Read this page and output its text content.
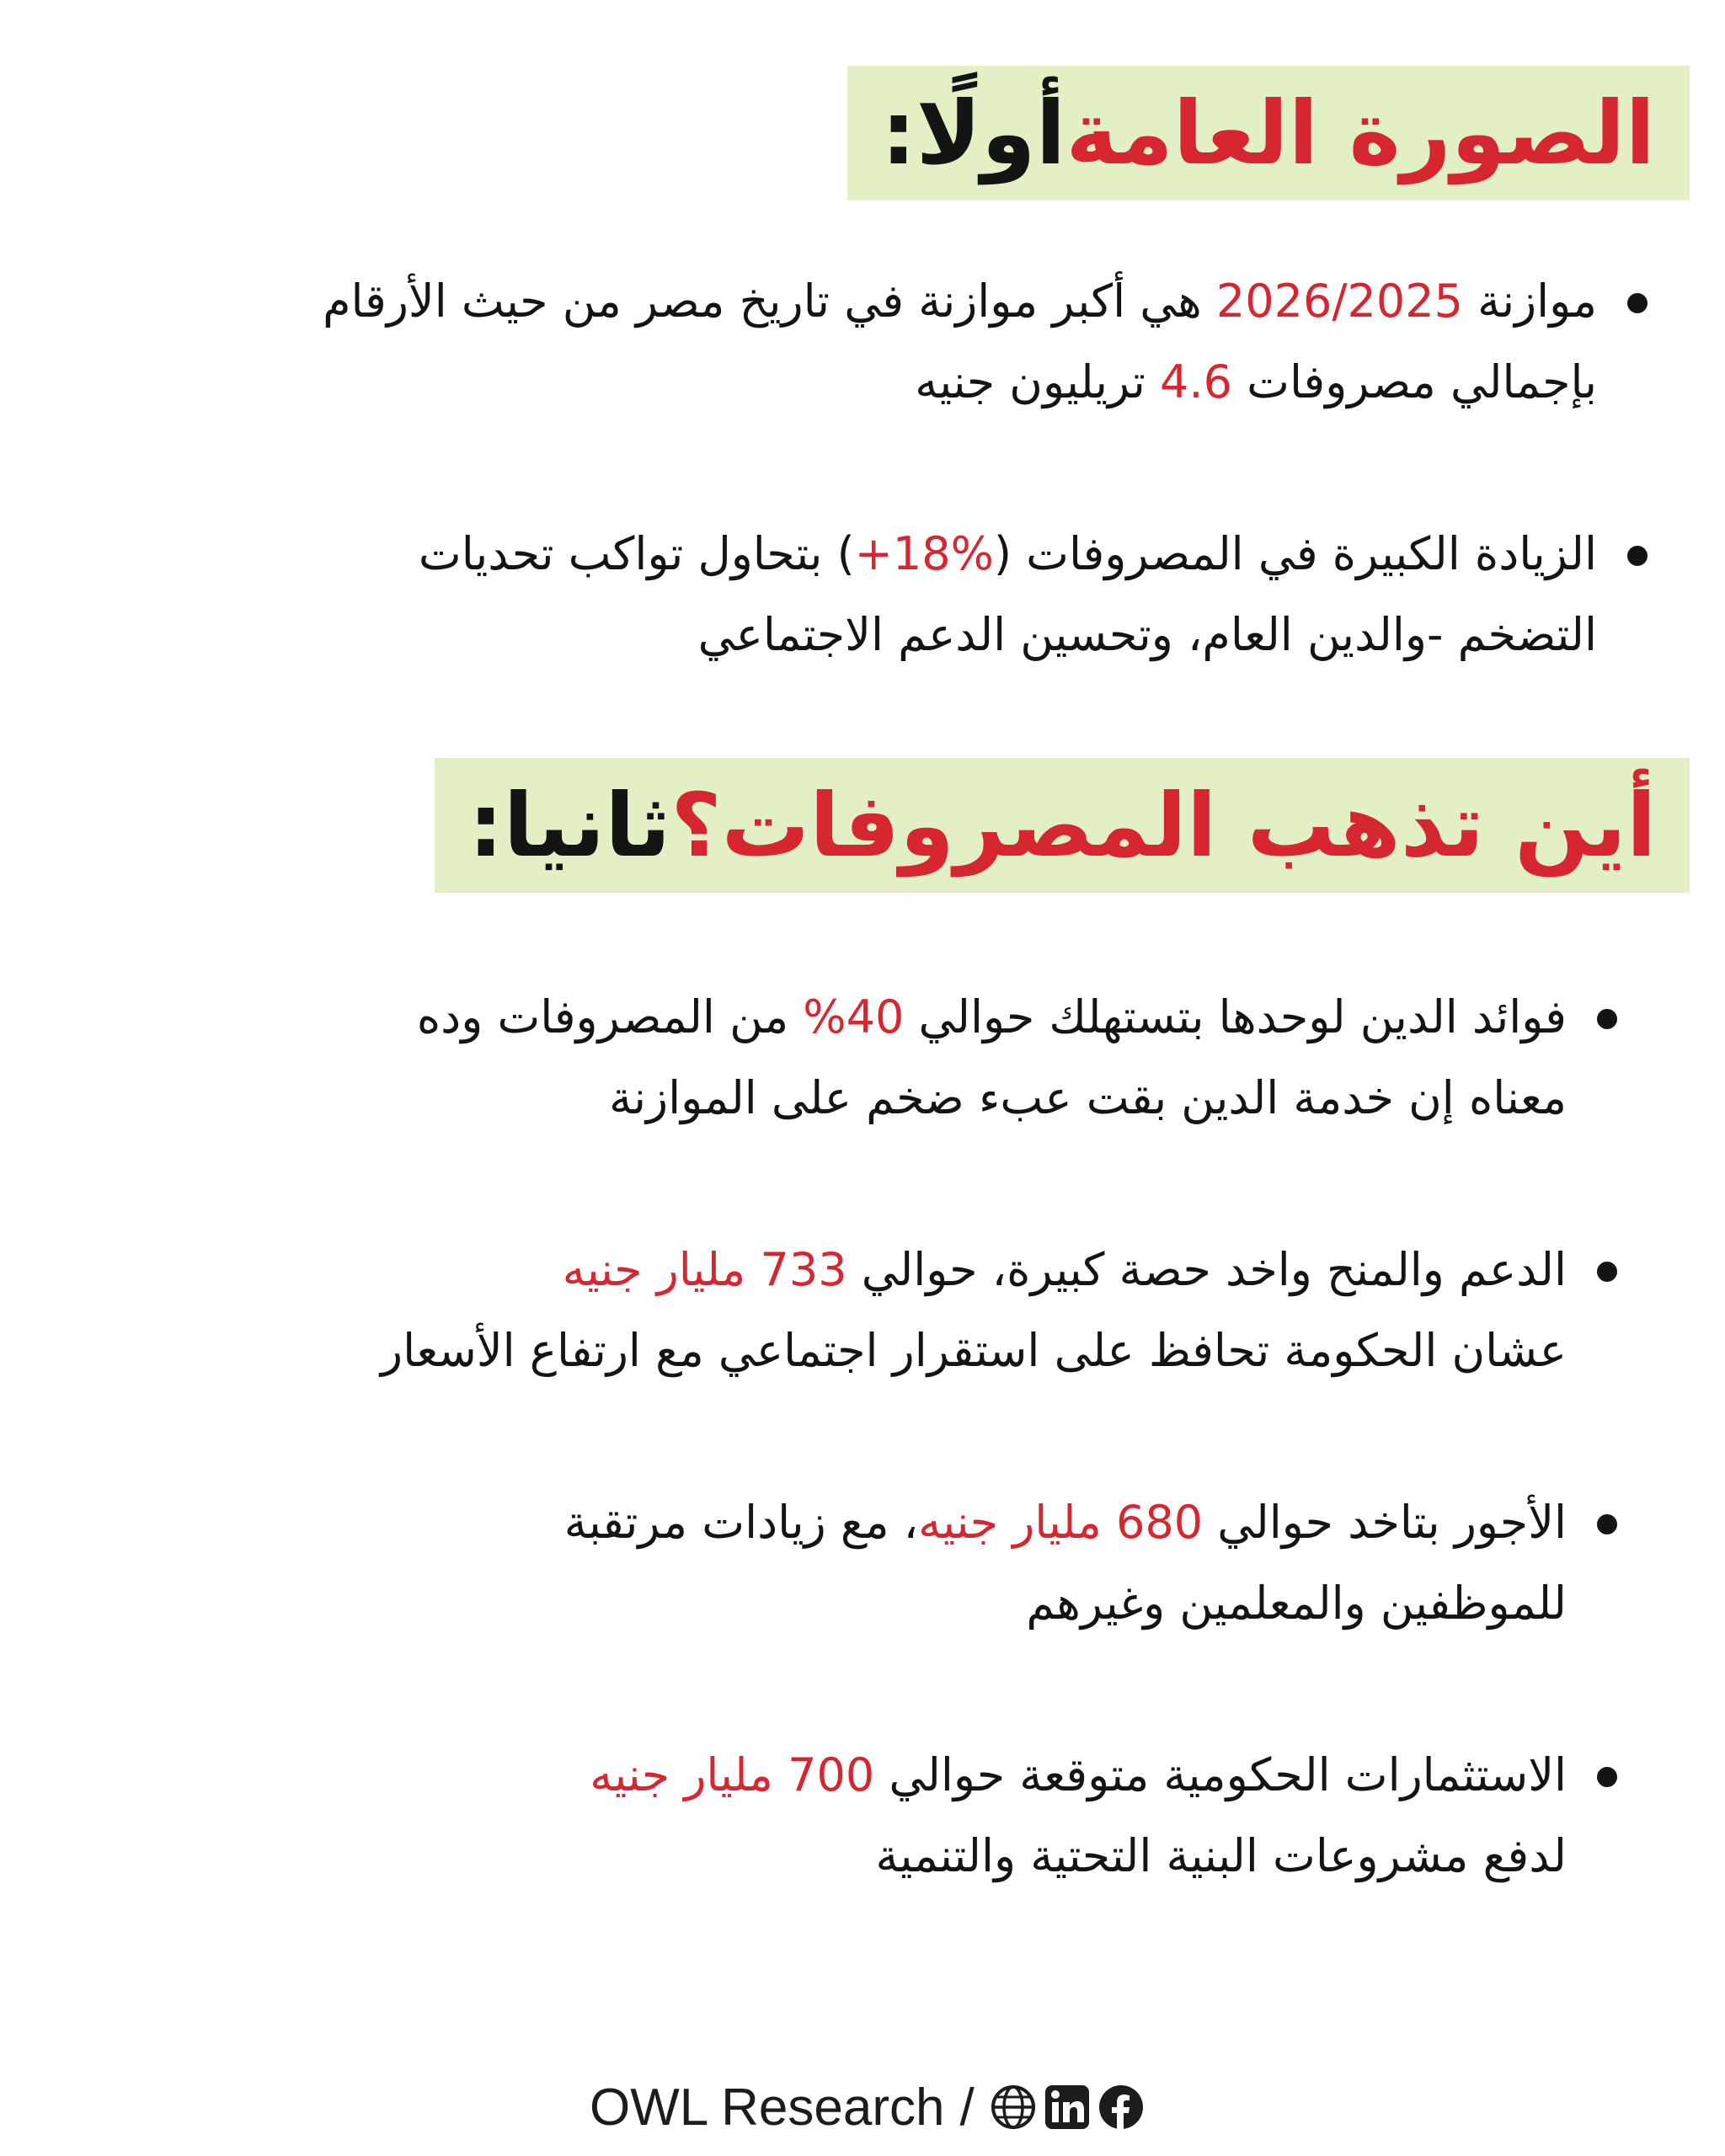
أولًا: الصورة العامة
موازنة 2026/2025 هي أكبر موازنة في تاريخ مصر من حيث الأرقام
بإجمالي مصروفات 4.6 تريليون جنيه
الزيادة الكبيرة في المصروفات (+18%) بتحاول تواكب تحديات
التضخم -والدين العام، وتحسين الدعم الاجتماعي
ثانيا: أين تذهب المصروفات؟
فوائد الدين لوحدها بتستهلك حوالي 40% من المصروفات وده
معناه إن خدمة الدين بقت عبء ضخم على الموازنة
الدعم والمنح واخد حصة كبيرة، حوالي 733 مليار جنيه
عشان الحكومة تحافظ على استقرار اجتماعي مع ارتفاع الأسعار
الأجور بتاخد حوالي 680 مليار جنيه، مع زيادات مرتقبة
للموظفين والمعلمين وغيرهم
الاستثمارات الحكومية متوقعة حوالي 700 مليار جنيه
لدفع مشروعات البنية التحتية والتنمية
OWL Research /
